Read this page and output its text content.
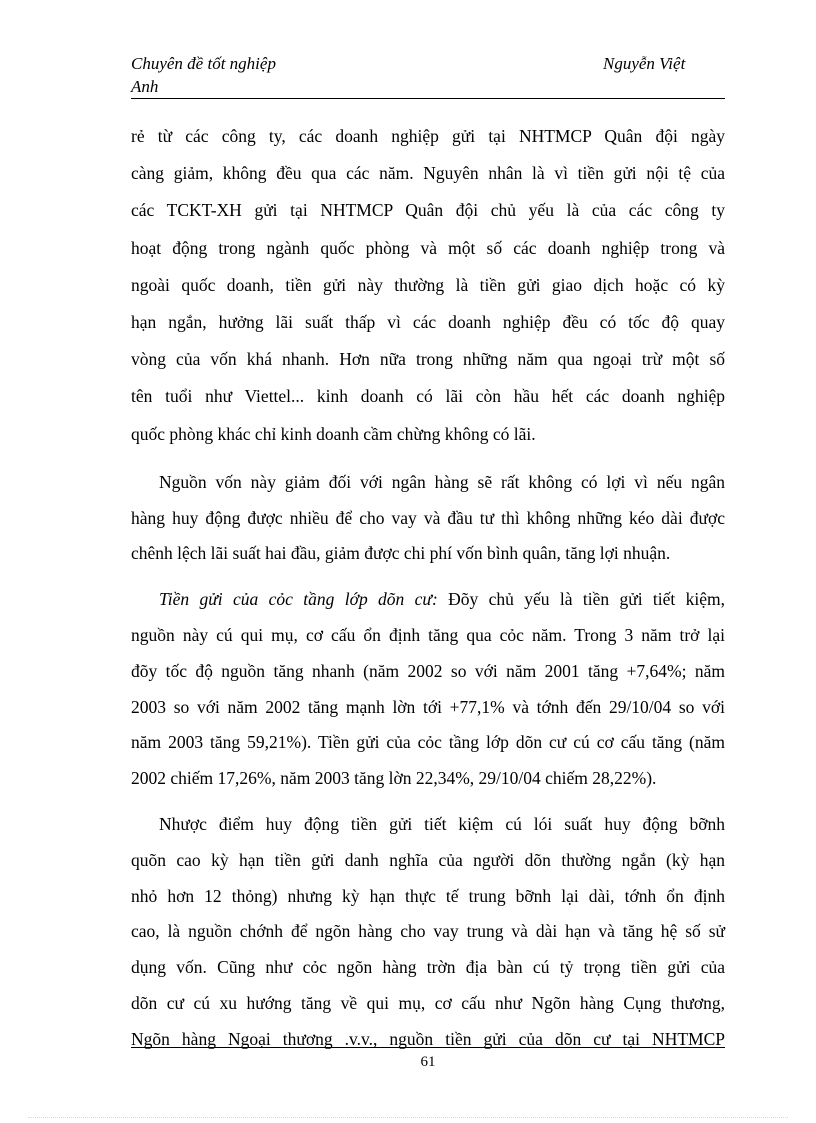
Chuyên đề tốt nghiệp
Anh
Nguyễn Việt
rẻ từ các công ty, các doanh nghiệp gửi tại NHTMCP Quân đội ngày
càng giảm, không đều qua các năm. Nguyên nhân là vì tiền gửi nội tệ của
các TCKT-XH gửi tại NHTMCP Quân đội chủ yếu là của các công ty
hoạt động trong ngành quốc phòng và một số các doanh nghiệp trong và
ngoài quốc doanh, tiền gửi này thường là tiền gửi giao dịch hoặc có kỳ
hạn ngắn, hưởng lãi suất thấp vì các doanh nghiệp đều có tốc độ quay
vòng của vốn khá nhanh. Hơn nữa trong những năm qua ngoại trừ một số
tên tuổi như Viettel... kinh doanh có lãi còn hầu hết các doanh nghiệp
quốc phòng khác chỉ kinh doanh cầm chừng không có lãi.
Nguồn vốn này giảm đối với ngân hàng sẽ rất không có lợi vì nếu ngân
hàng huy động được nhiều để cho vay và đầu tư thì không những kéo dài được
chênh lệch lãi suất hai đầu, giảm được chi phí vốn bình quân, tăng lợi nhuận.
Tiền gửi của cỏc tầng lớp dõn cư: Đõy chủ yếu là tiền gửi tiết kiệm,
nguồn này cú qui mụ, cơ cấu ổn định tăng qua cỏc năm. Trong 3 năm trở lại
đõy tốc độ nguồn tăng nhanh (năm 2002 so với năm 2001 tăng +7,64%; năm
2003 so với năm 2002 tăng mạnh lờn tới +77,1% và tớnh đến 29/10/04 so với
năm 2003 tăng 59,21%). Tiền gửi của cỏc tầng lớp dõn cư cú cơ cấu tăng (năm
2002 chiếm 17,26%, năm 2003 tăng lờn 22,34%, 29/10/04 chiếm 28,22%).
Nhược điểm huy động tiền gửi tiết kiệm cú lói suất huy động bỡnh
quõn cao kỳ hạn tiền gửi danh nghĩa của người dõn thường ngắn (kỳ hạn
nhỏ hơn 12 thỏng) nhưng kỳ hạn thực tế trung bỡnh lại dài, tớnh ổn định
cao, là nguồn chớnh để ngõn hàng cho vay trung và dài hạn và tăng hệ số sử
dụng vốn. Cũng như cỏc ngõn hàng trờn địa bàn cú tỷ trọng tiền gửi của
dõn cư cú xu hướng tăng về qui mụ, cơ cấu như Ngõn hàng Cụng thương,
Ngõn hàng Ngoại thương .v.v., nguồn tiền gửi của dõn cư tại NHTMCP
61
